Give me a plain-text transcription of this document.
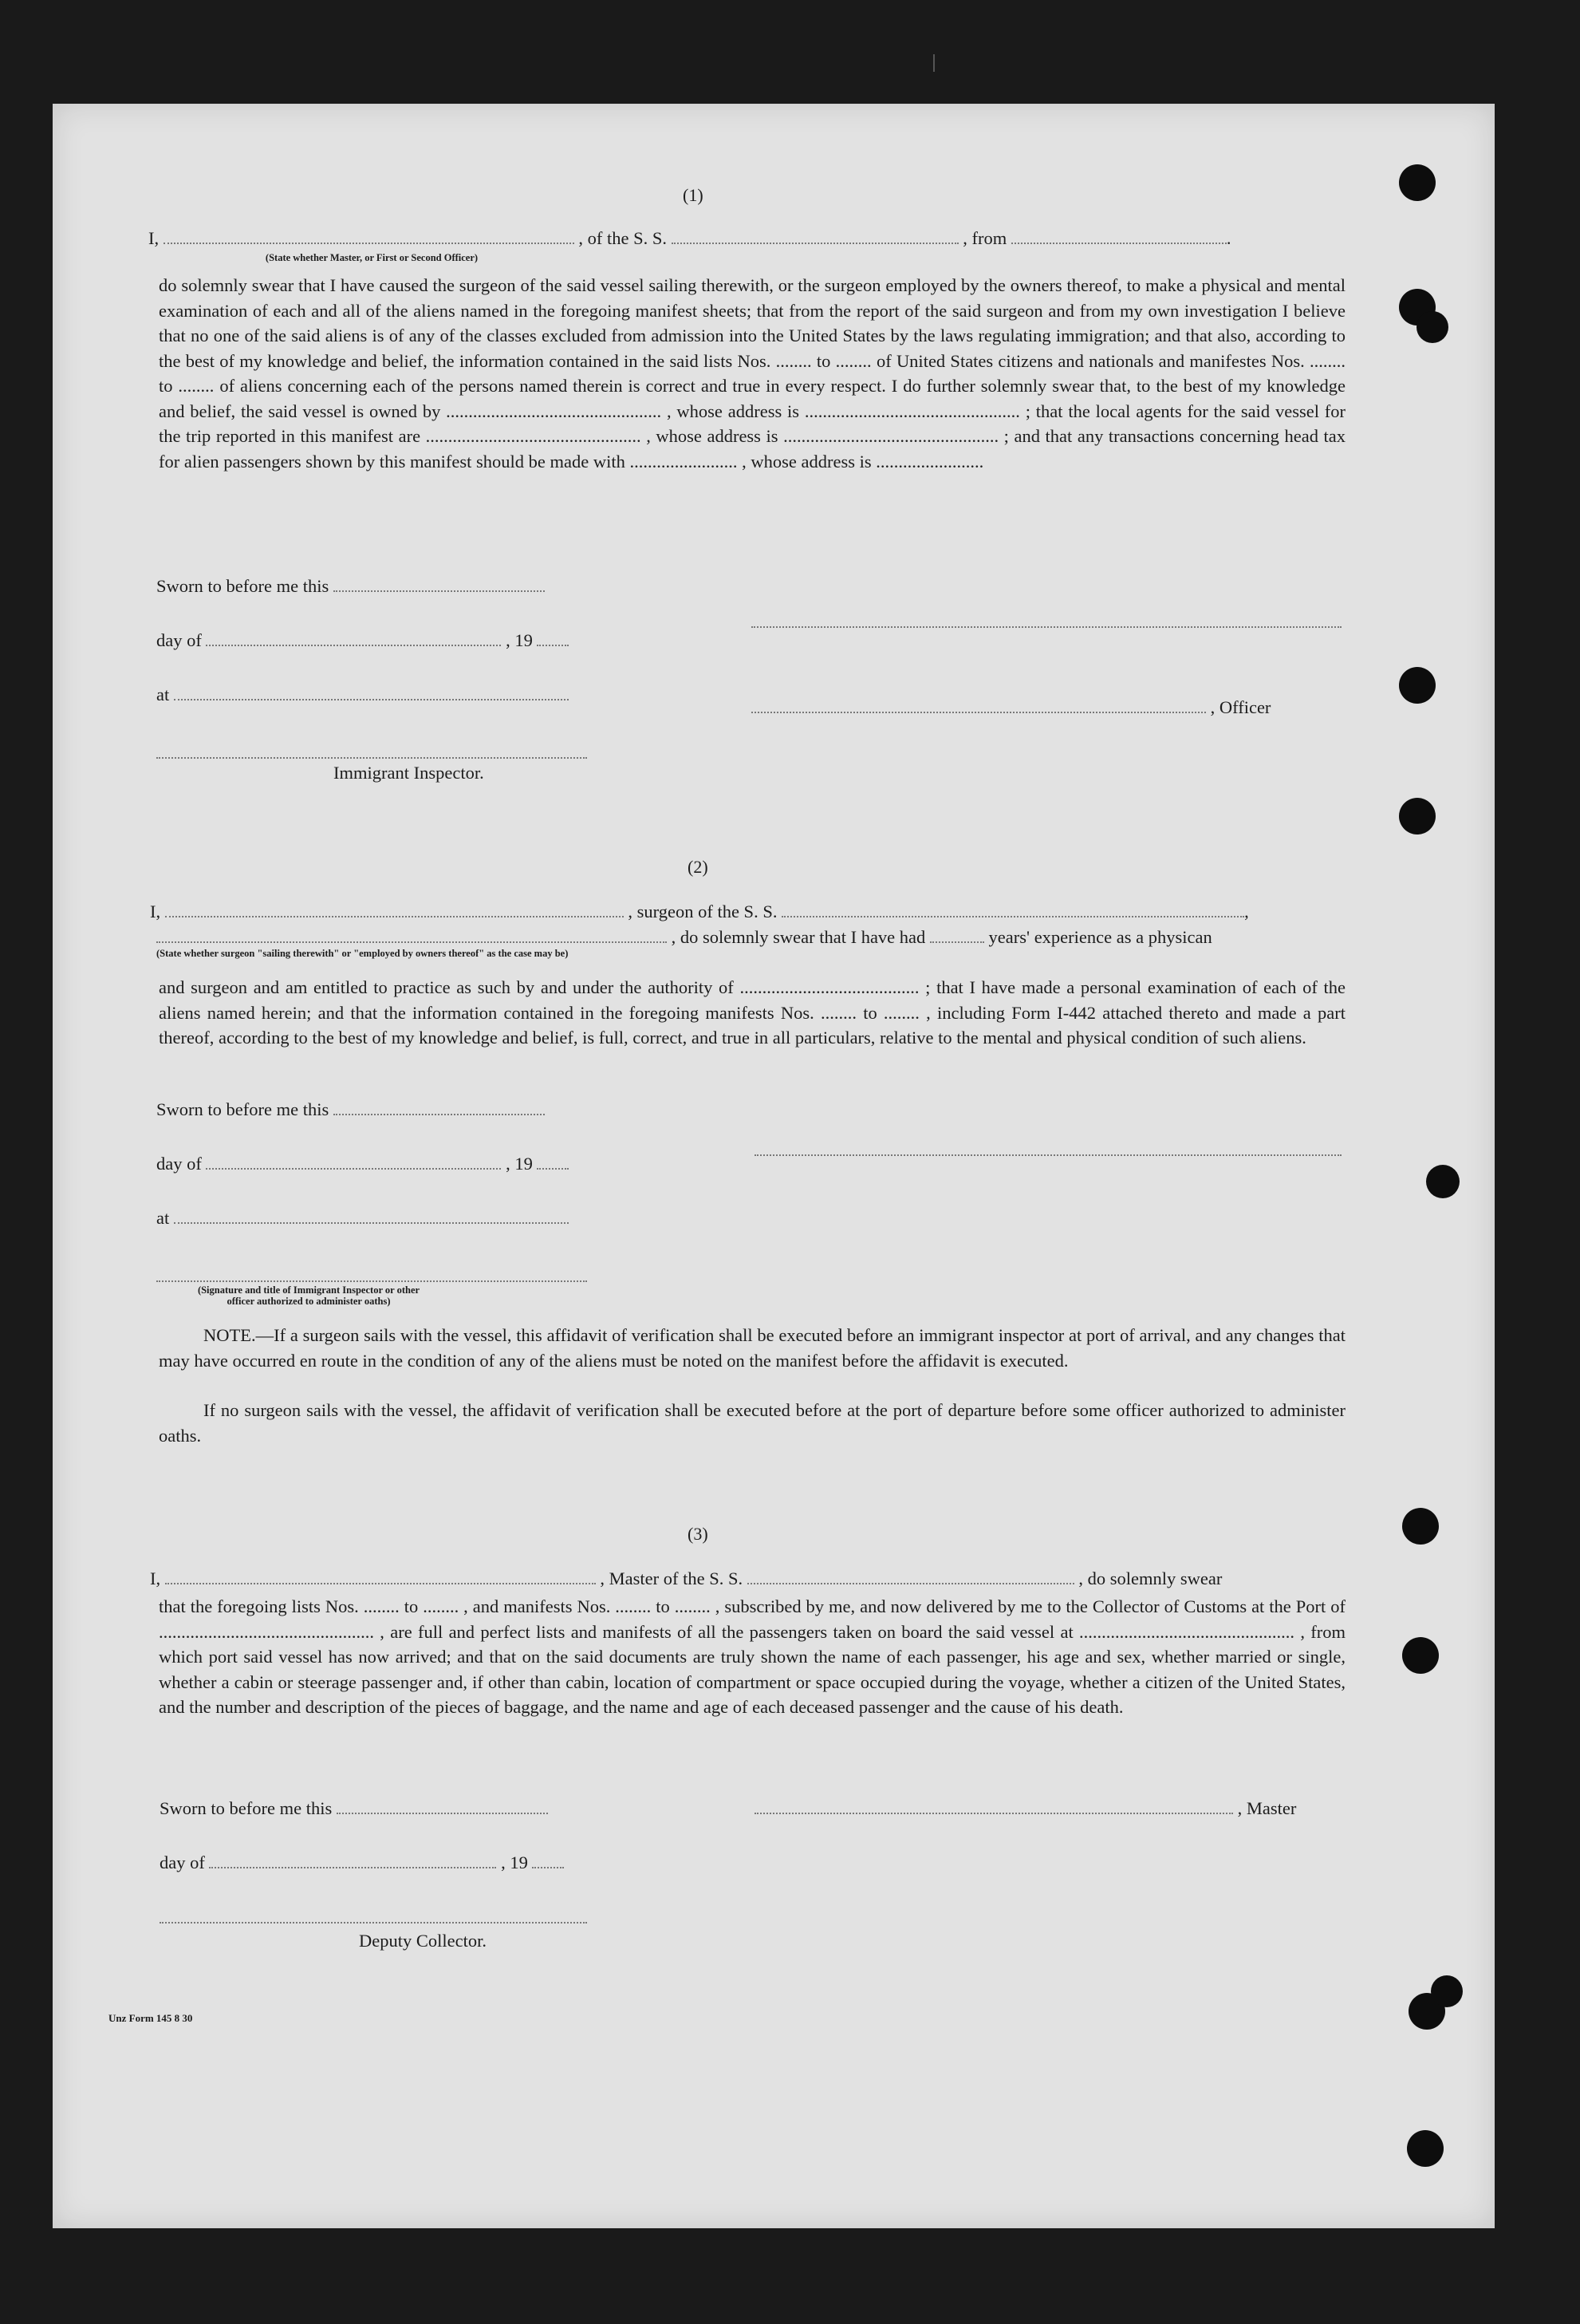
(1)
I,	, of the S. S.	, from	.
(State whether Master, or First or Second Officer)
do solemnly swear that I have caused the surgeon of the said vessel sailing therewith, or the surgeon employed by the owners thereof, to make a physical and mental examination of each and all of the aliens named in the foregoing manifest sheets; that from the report of the said surgeon and from my own investigation I believe that no one of the said aliens is of any of the classes excluded from admission into the United States by the laws regulating immigration; and that also, according to the best of my knowledge and belief, the information contained in the said lists Nos. ........ to ........ of United States citizens and nationals and manifestes Nos. ........ to ........ of aliens concerning each of the persons named therein is correct and true in every respect. I do further solemnly swear that, to the best of my knowledge and belief, the said vessel is owned by ................................................ , whose address is ................................................ ; that the local agents for the said vessel for the trip reported in this manifest are ................................................ , whose address is ................................................ ; and that any transactions concerning head tax for alien passengers shown by this manifest should be made with ........................ , whose address is ........................
Sworn to before me this
day of	, 19
at
, Officer
Immigrant Inspector.
(2)
I,	, surgeon of the S. S.	,
, do solemnly swear that I have had	years' experience as a physican
(State whether surgeon "sailing therewith" or "employed by owners thereof" as the case may be)
and surgeon and am entitled to practice as such by and under the authority of ........................................ ; that I have made a personal examination of each of the aliens named herein; and that the information contained in the foregoing manifests Nos. ........ to ........ , including Form I-442 attached thereto and made a part thereof, according to the best of my knowledge and belief, is full, correct, and true in all particulars, relative to the mental and physical condition of such aliens.
Sworn to before me this
day of	, 19
at
(Signature and title of Immigrant Inspector or other officer authorized to administer oaths)
NOTE.—If a surgeon sails with the vessel, this affidavit of verification shall be executed before an immigrant inspector at port of arrival, and any changes that may have occurred en route in the condition of any of the aliens must be noted on the manifest before the affidavit is executed.
If no surgeon sails with the vessel, the affidavit of verification shall be executed before at the port of departure before some officer authorized to administer oaths.
(3)
I,	, Master of the S. S.	, do solemnly swear
that the foregoing lists Nos. ........ to ........ , and manifests Nos. ........ to ........ , subscribed by me, and now delivered by me to the Collector of Customs at the Port of ................................................ , are full and perfect lists and manifests of all the passengers taken on board the said vessel at ................................................ , from which port said vessel has now arrived; and that on the said documents are truly shown the name of each passenger, his age and sex, whether married or single, whether a cabin or steerage passenger and, if other than cabin, location of compartment or space occupied during the voyage, whether a citizen of the United States, and the number and description of the pieces of baggage, and the name and age of each deceased passenger and the cause of his death.
Sworn to before me this	, Master
day of	, 19
Deputy Collector.
Unz Form 145 8 30
